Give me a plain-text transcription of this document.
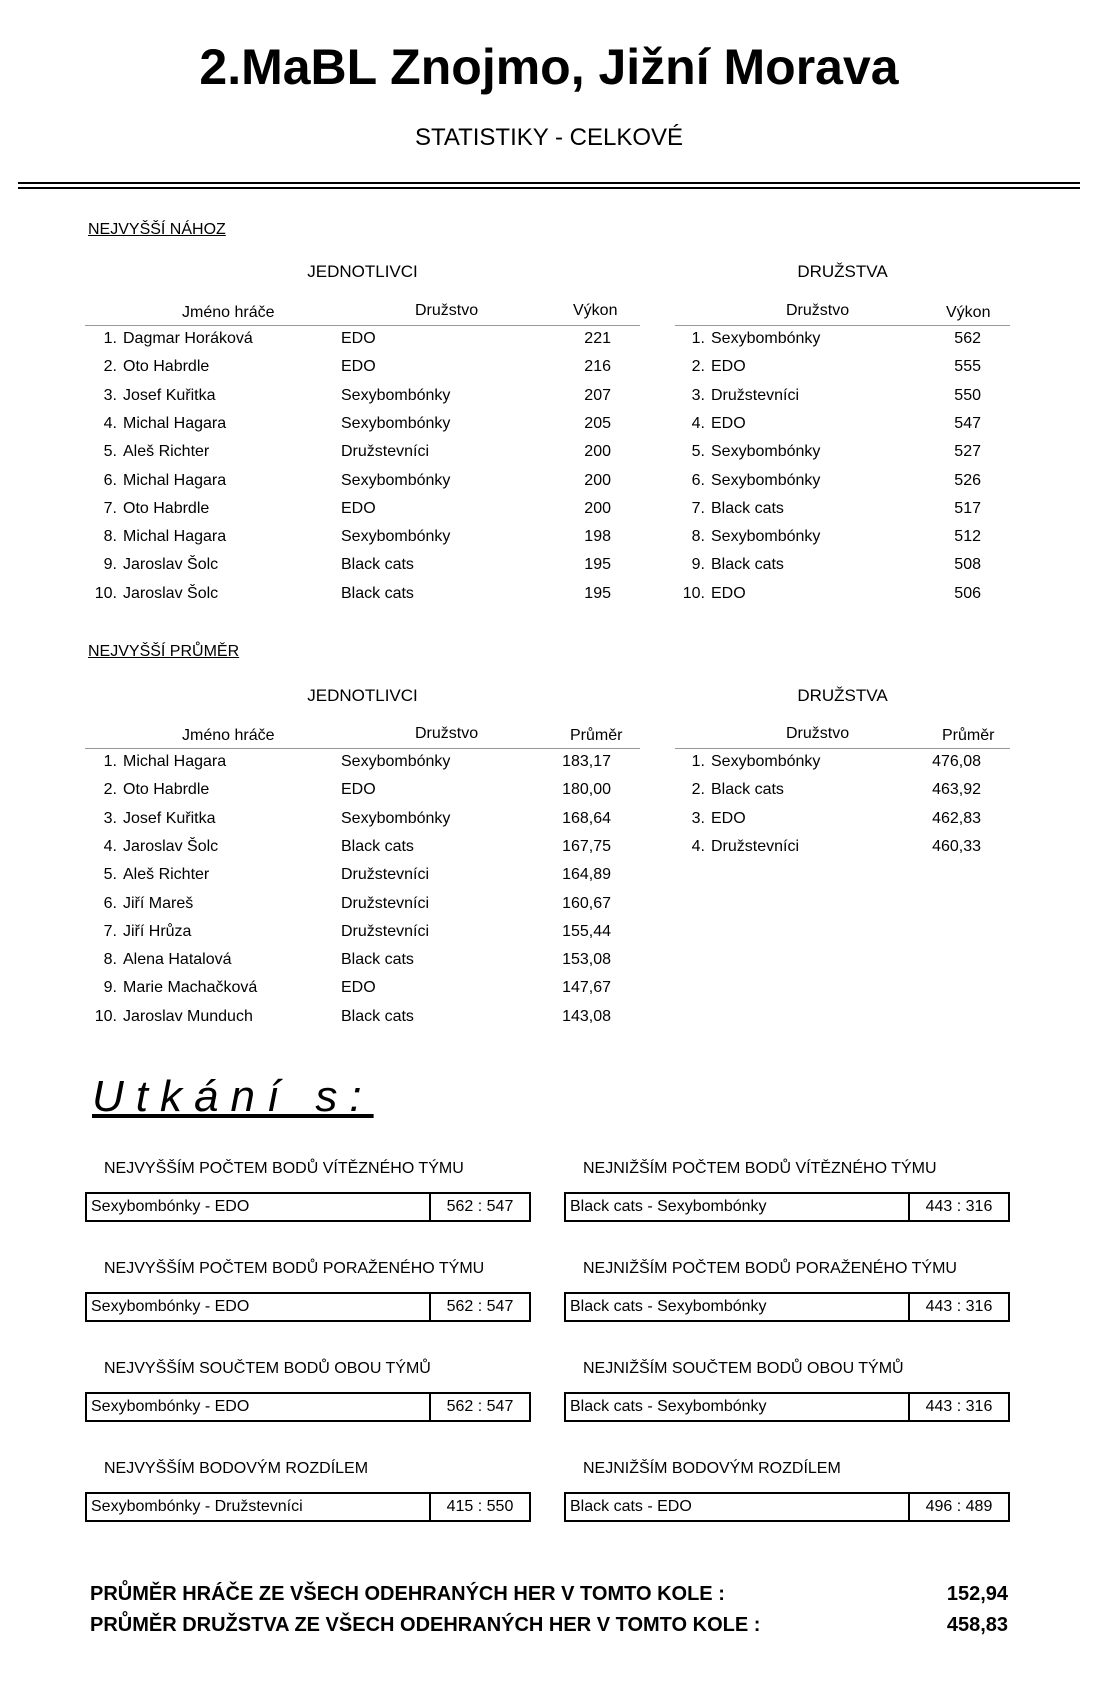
2.MaBL Znojmo, Jižní Morava
STATISTIKY - CELKOVÉ
NEJVYŠŠÍ NÁHOZ
JEDNOTLIVCI	DRUŽSTVA
Jméno hráče	Družstvo	Výkon	Družstvo	Výkon
1. Dagmar Horáková	EDO	221
2. Oto Habrdle	EDO	216
3. Josef Kuřitka	Sexybombónky	207
4. Michal Hagara	Sexybombónky	205
5. Aleš Richter	Družstevníci	200
6. Michal Hagara	Sexybombónky	200
7. Oto Habrdle	EDO	200
8. Michal Hagara	Sexybombónky	198
9. Jaroslav Šolc	Black cats	195
10. Jaroslav Šolc	Black cats	195
1. Sexybombónky	562
2. EDO	555
3. Družstevníci	550
4. EDO	547
5. Sexybombónky	527
6. Sexybombónky	526
7. Black cats	517
8. Sexybombónky	512
9. Black cats	508
10. EDO	506
NEJVYŠŠÍ PRŮMĚR
JEDNOTLIVCI	DRUŽSTVA
Jméno hráče	Družstvo	Průměr	Družstvo	Průměr
1. Michal Hagara	Sexybombónky	183,17
2. Oto Habrdle	EDO	180,00
3. Josef Kuřitka	Sexybombónky	168,64
4. Jaroslav Šolc	Black cats	167,75
5. Aleš Richter	Družstevníci	164,89
6. Jiří Mareš	Družstevníci	160,67
7. Jiří Hrůza	Družstevníci	155,44
8. Alena Hatalová	Black cats	153,08
9. Marie Machačková	EDO	147,67
10. Jaroslav Munduch	Black cats	143,08
1. Sexybombónky	476,08
2. Black cats	463,92
3. EDO	462,83
4. Družstevníci	460,33
Utkání s:
NEJVYŠŠÍM POČTEM BODŮ VÍTĚZNÉHO TÝMU
Sexybombónky - EDO	562 : 547
NEJNIŽŠÍM POČTEM BODŮ VÍTĚZNÉHO TÝMU
Black cats - Sexybombónky	443 : 316
NEJVYŠŠÍM POČTEM BODŮ PORAŽENÉHO TÝMU
Sexybombónky - EDO	562 : 547
NEJNIŽŠÍM POČTEM BODŮ PORAŽENÉHO TÝMU
Black cats - Sexybombónky	443 : 316
NEJVYŠŠÍM SOUČTEM BODŮ OBOU TÝMŮ
Sexybombónky - EDO	562 : 547
NEJNIŽŠÍM SOUČTEM BODŮ OBOU TÝMŮ
Black cats - Sexybombónky	443 : 316
NEJVYŠŠÍM BODOVÝM ROZDÍLEM
Sexybombónky - Družstevníci	415 : 550
NEJNIŽŠÍM BODOVÝM ROZDÍLEM
Black cats - EDO	496 : 489
PRŮMĚR HRÁČE ZE VŠECH ODEHRANÝCH HER V TOMTO KOLE :	152,94
PRŮMĚR DRUŽSTVA ZE VŠECH ODEHRANÝCH HER V TOMTO KOLE :	458,83
